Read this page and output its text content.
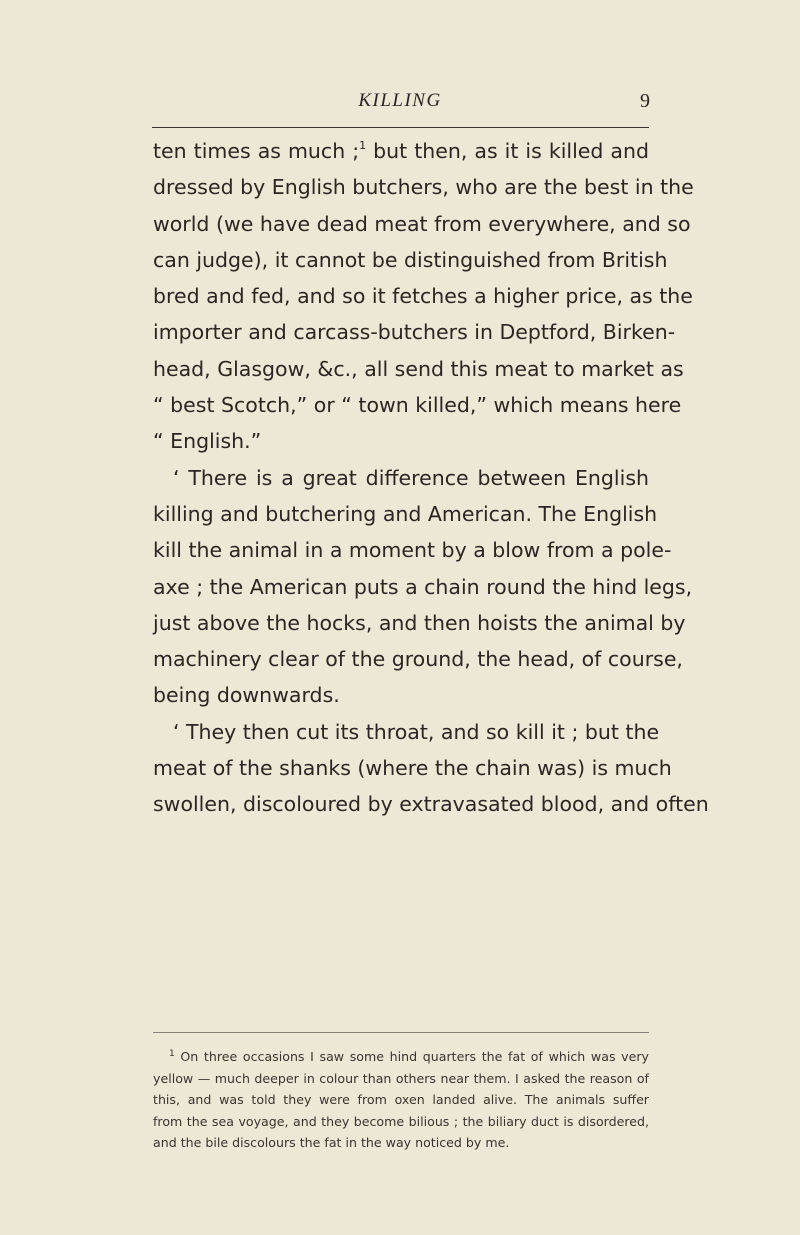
KILLING	9
ten times as much ;$^1$ but then, as it is killed and
dressed by English butchers, who are the best in the
world (we have dead meat from everywhere, and so
can judge), it cannot be distinguished from British
bred and fed, and so it fetches a higher price, as the
importer and carcass-butchers in Deptford, Birken-
head, Glasgow, &c., all send this meat to market as
“ best Scotch,” or “ town killed,” which means here
“ English.”
‘ There is a great difference between English
killing and butchering and American. The English
kill the animal in a moment by a blow from a pole-
axe ; the American puts a chain round the hind legs,
just above the hocks, and then hoists the animal by
machinery clear of the ground, the head, of course,
being downwards.
‘ They then cut its throat, and so kill it ; but the
meat of the shanks (where the chain was) is much
swollen, discoloured by extravasated blood, and often
$^1$ On three occasions I saw some hind quarters the fat of which was very
yellow — much deeper in colour than others near them. I asked the reason of
this, and was told they were from oxen landed alive. The animals suffer
from the sea voyage, and they become bilious ; the biliary duct is disordered,
and the bile discolours the fat in the way noticed by me.
